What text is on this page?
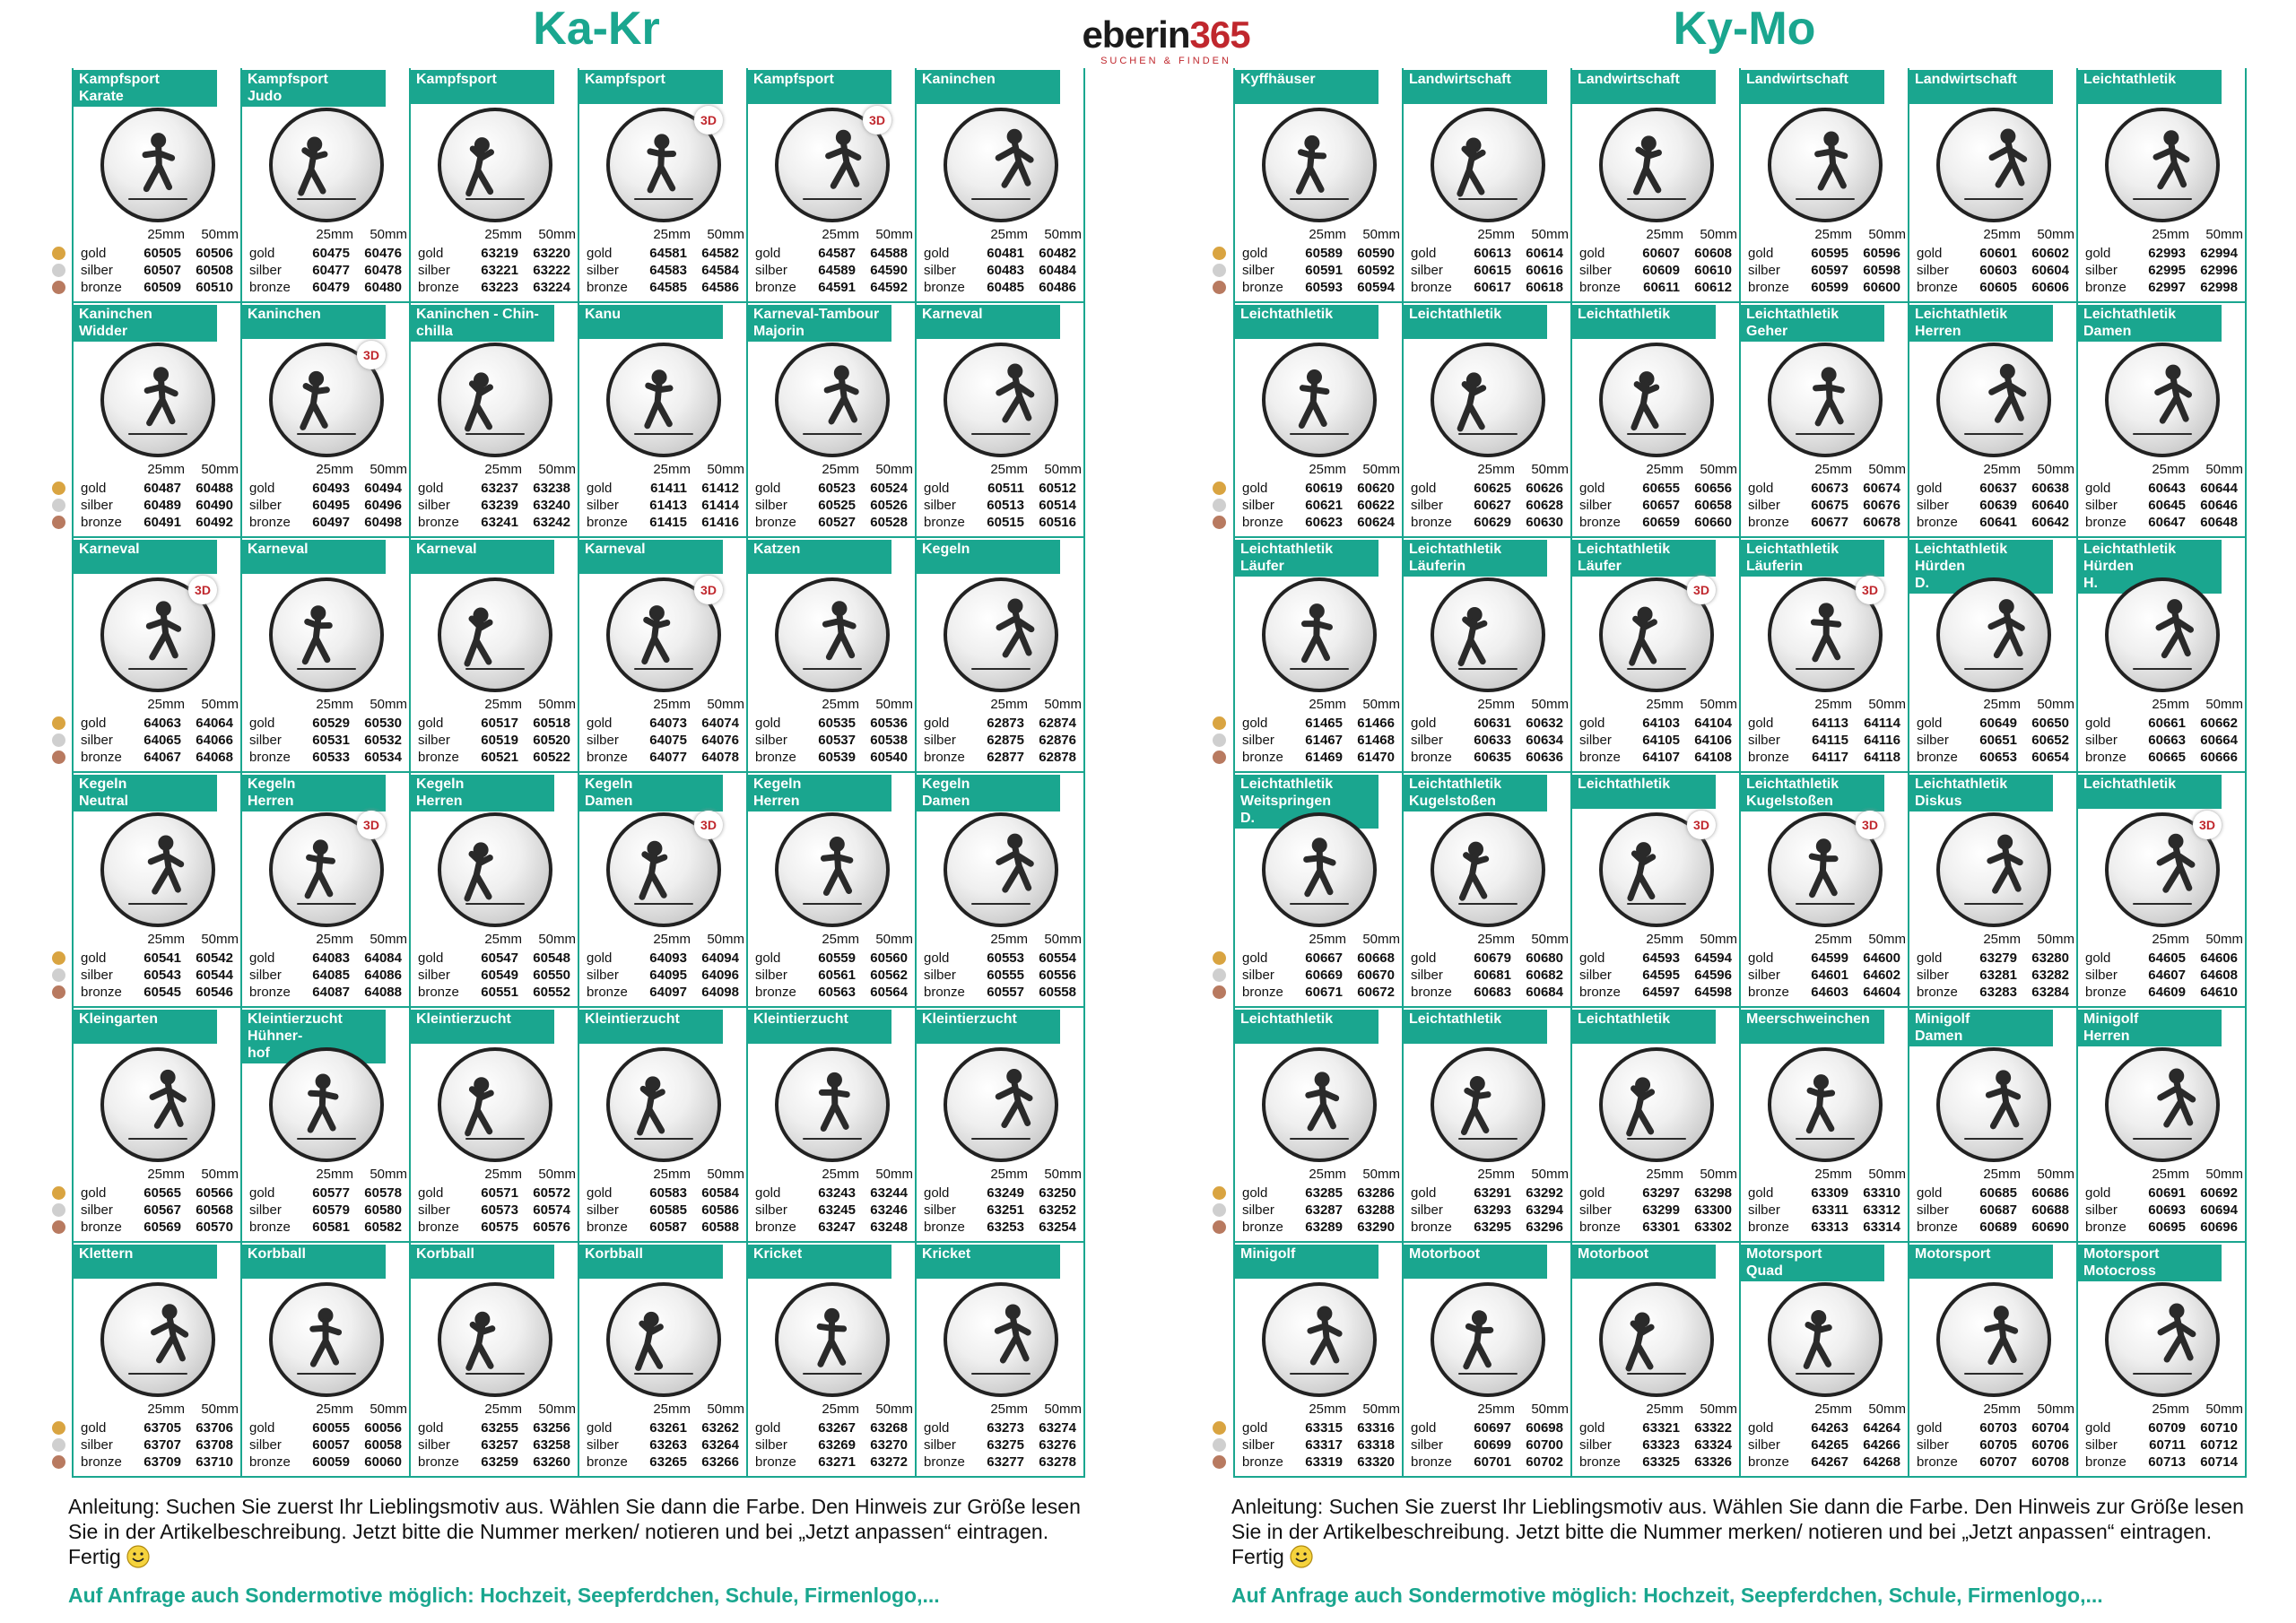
Ka-Kr	Ky-Mo
eberin365
SUCHEN & FINDEN
Kampfsport
Karate
25mm 50mm
gold	60505	60506
silber	60507	60508
bronze	60509	60510
Kampfsport
Judo
25mm 50mm
gold	60475	60476
silber	60477	60478
bronze	60479	60480
Kampfsport
25mm 50mm
gold	63219	63220
silber	63221	63222
bronze	63223	63224
Kampfsport
3D
25mm 50mm
gold	64581	64582
silber	64583	64584
bronze	64585	64586
Kampfsport
3D
25mm 50mm
gold	64587	64588
silber	64589	64590
bronze	64591	64592
Kaninchen
25mm 50mm
gold	60481	60482
silber	60483	60484
bronze	60485	60486
Kaninchen
Widder
25mm 50mm
gold	60487	60488
silber	60489	60490
bronze	60491	60492
Kaninchen
3D
25mm 50mm
gold	60493	60494
silber	60495	60496
bronze	60497	60498
Kaninchen - Chin-
chilla
25mm 50mm
gold	63237	63238
silber	63239	63240
bronze	63241	63242
Kanu
25mm 50mm
gold	61411	61412
silber	61413	61414
bronze	61415	61416
Karneval-Tambour
Majorin
25mm 50mm
gold	60523	60524
silber	60525	60526
bronze	60527	60528
Karneval
25mm 50mm
gold	60511	60512
silber	60513	60514
bronze	60515	60516
Karneval
3D
25mm 50mm
gold	64063	64064
silber	64065	64066
bronze	64067	64068
Karneval
25mm 50mm
gold	60529	60530
silber	60531	60532
bronze	60533	60534
Karneval
25mm 50mm
gold	60517	60518
silber	60519	60520
bronze	60521	60522
Karneval
3D
25mm 50mm
gold	64073	64074
silber	64075	64076
bronze	64077	64078
Katzen
25mm 50mm
gold	60535	60536
silber	60537	60538
bronze	60539	60540
Kegeln
25mm 50mm
gold	62873	62874
silber	62875	62876
bronze	62877	62878
Kegeln
Neutral
25mm 50mm
gold	60541	60542
silber	60543	60544
bronze	60545	60546
Kegeln
Herren
3D
25mm 50mm
gold	64083	64084
silber	64085	64086
bronze	64087	64088
Kegeln
Herren
25mm 50mm
gold	60547	60548
silber	60549	60550
bronze	60551	60552
Kegeln
Damen
3D
25mm 50mm
gold	64093	64094
silber	64095	64096
bronze	64097	64098
Kegeln
Herren
25mm 50mm
gold	60559	60560
silber	60561	60562
bronze	60563	60564
Kegeln
Damen
25mm 50mm
gold	60553	60554
silber	60555	60556
bronze	60557	60558
Kleingarten
25mm 50mm
gold	60565	60566
silber	60567	60568
bronze	60569	60570
Kleintierzucht
Hühner-
hof
25mm 50mm
gold	60577	60578
silber	60579	60580
bronze	60581	60582
Kleintierzucht
25mm 50mm
gold	60571	60572
silber	60573	60574
bronze	60575	60576
Kleintierzucht
25mm 50mm
gold	60583	60584
silber	60585	60586
bronze	60587	60588
Kleintierzucht
25mm 50mm
gold	63243	63244
silber	63245	63246
bronze	63247	63248
Kleintierzucht
25mm 50mm
gold	63249	63250
silber	63251	63252
bronze	63253	63254
Klettern
25mm 50mm
gold	63705	63706
silber	63707	63708
bronze	63709	63710
Korbball
25mm 50mm
gold	60055	60056
silber	60057	60058
bronze	60059	60060
Korbball
25mm 50mm
gold	63255	63256
silber	63257	63258
bronze	63259	63260
Korbball
25mm 50mm
gold	63261	63262
silber	63263	63264
bronze	63265	63266
Kricket
25mm 50mm
gold	63267	63268
silber	63269	63270
bronze	63271	63272
Kricket
25mm 50mm
gold	63273	63274
silber	63275	63276
bronze	63277	63278
Kyffhäuser
25mm 50mm
gold	60589	60590
silber	60591	60592
bronze	60593	60594
Landwirtschaft
25mm 50mm
gold	60613	60614
silber	60615	60616
bronze	60617	60618
Landwirtschaft
25mm 50mm
gold	60607	60608
silber	60609	60610
bronze	60611	60612
Landwirtschaft
25mm 50mm
gold	60595	60596
silber	60597	60598
bronze	60599	60600
Landwirtschaft
25mm 50mm
gold	60601	60602
silber	60603	60604
bronze	60605	60606
Leichtathletik
25mm 50mm
gold	62993	62994
silber	62995	62996
bronze	62997	62998
Leichtathletik
25mm 50mm
gold	60619	60620
silber	60621	60622
bronze	60623	60624
Leichtathletik
25mm 50mm
gold	60625	60626
silber	60627	60628
bronze	60629	60630
Leichtathletik
25mm 50mm
gold	60655	60656
silber	60657	60658
bronze	60659	60660
Leichtathletik
Geher
25mm 50mm
gold	60673	60674
silber	60675	60676
bronze	60677	60678
Leichtathletik
Herren
25mm 50mm
gold	60637	60638
silber	60639	60640
bronze	60641	60642
Leichtathletik
Damen
25mm 50mm
gold	60643	60644
silber	60645	60646
bronze	60647	60648
Leichtathletik
Läufer
25mm 50mm
gold	61465	61466
silber	61467	61468
bronze	61469	61470
Leichtathletik
Läuferin
25mm 50mm
gold	60631	60632
silber	60633	60634
bronze	60635	60636
Leichtathletik
Läufer
3D
25mm 50mm
gold	64103	64104
silber	64105	64106
bronze	64107	64108
Leichtathletik
Läuferin
3D
25mm 50mm
gold	64113	64114
silber	64115	64116
bronze	64117	64118
Leichtathletik
Hürden
D.
25mm 50mm
gold	60649	60650
silber	60651	60652
bronze	60653	60654
Leichtathletik
Hürden
H.
25mm 50mm
gold	60661	60662
silber	60663	60664
bronze	60665	60666
Leichtathletik
Weitspringen
D.
25mm 50mm
gold	60667	60668
silber	60669	60670
bronze	60671	60672
Leichtathletik
Kugelstoßen
25mm 50mm
gold	60679	60680
silber	60681	60682
bronze	60683	60684
Leichtathletik
3D
25mm 50mm
gold	64593	64594
silber	64595	64596
bronze	64597	64598
Leichtathletik
Kugelstoßen
3D
25mm 50mm
gold	64599	64600
silber	64601	64602
bronze	64603	64604
Leichtathletik
Diskus
25mm 50mm
gold	63279	63280
silber	63281	63282
bronze	63283	63284
Leichtathletik
3D
25mm 50mm
gold	64605	64606
silber	64607	64608
bronze	64609	64610
Leichtathletik
25mm 50mm
gold	63285	63286
silber	63287	63288
bronze	63289	63290
Leichtathletik
25mm 50mm
gold	63291	63292
silber	63293	63294
bronze	63295	63296
Leichtathletik
25mm 50mm
gold	63297	63298
silber	63299	63300
bronze	63301	63302
Meerschweinchen
25mm 50mm
gold	63309	63310
silber	63311	63312
bronze	63313	63314
Minigolf
Damen
25mm 50mm
gold	60685	60686
silber	60687	60688
bronze	60689	60690
Minigolf
Herren
25mm 50mm
gold	60691	60692
silber	60693	60694
bronze	60695	60696
Minigolf
25mm 50mm
gold	63315	63316
silber	63317	63318
bronze	63319	63320
Motorboot
25mm 50mm
gold	60697	60698
silber	60699	60700
bronze	60701	60702
Motorboot
25mm 50mm
gold	63321	63322
silber	63323	63324
bronze	63325	63326
Motorsport
Quad
25mm 50mm
gold	64263	64264
silber	64265	64266
bronze	64267	64268
Motorsport
25mm 50mm
gold	60703	60704
silber	60705	60706
bronze	60707	60708
Motorsport
Motocross
25mm 50mm
gold	60709	60710
silber	60711	60712
bronze	60713	60714
Anleitung: Suchen Sie zuerst Ihr Lieblingsmotiv aus. Wählen Sie dann die Farbe. Den Hinweis zur Größe lesen Sie in der Artikelbeschreibung. Jetzt bitte die Nummer merken/ notieren und bei „Jetzt anpassen“ eintragen. Fertig
Anleitung: Suchen Sie zuerst Ihr Lieblingsmotiv aus. Wählen Sie dann die Farbe. Den Hinweis zur Größe lesen Sie in der Artikelbeschreibung. Jetzt bitte die Nummer merken/ notieren und bei „Jetzt anpassen“ eintragen. Fertig
Auf Anfrage auch Sondermotive möglich: Hochzeit, Seepferdchen, Schule, Firmenlogo,...	Auf Anfrage auch Sondermotive möglich: Hochzeit, Seepferdchen, Schule, Firmenlogo,...
